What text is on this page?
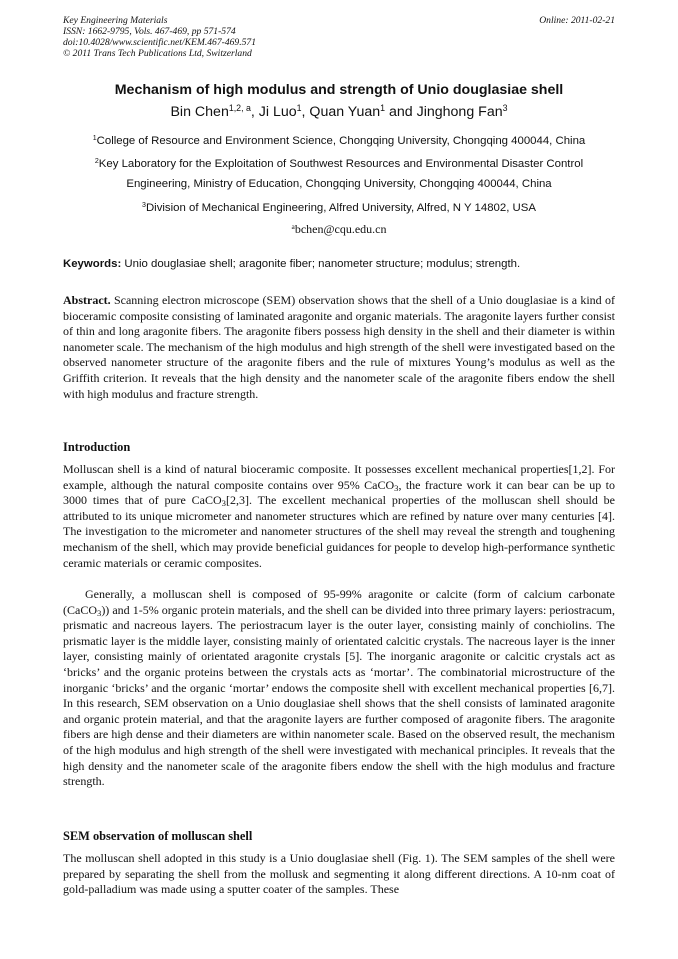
Key Engineering Materials
ISSN: 1662-9795, Vols. 467-469, pp 571-574
doi:10.4028/www.scientific.net/KEM.467-469.571
© 2011 Trans Tech Publications Ltd, Switzerland
Online: 2011-02-21
Mechanism of high modulus and strength of Unio douglasiae shell
Bin Chen$^{1,2, a}$, Ji Luo$^1$, Quan Yuan$^1$ and Jinghong Fan$^3$
$^1$College of Resource and Environment Science, Chongqing University, Chongqing 400044, China
$^2$Key Laboratory for the Exploitation of Southwest Resources and Environmental Disaster Control
Engineering, Ministry of Education, Chongqing University, Chongqing 400044, China
$^3$Division of Mechanical Engineering, Alfred University, Alfred, N Y 14802, USA
$^a$bchen@cqu.edu.cn
Keywords: Unio douglasiae shell; aragonite fiber; nanometer structure; modulus; strength.
Abstract. Scanning electron microscope (SEM) observation shows that the shell of a Unio douglasiae is a kind of bioceramic composite consisting of laminated aragonite and organic materials. The aragonite layers further consist of thin and long aragonite fibers. The aragonite fibers possess high density in the shell and their diameter is within nanometer scale. The mechanism of the high modulus and high strength of the shell were investigated based on the observed nanometer structure of the aragonite fibers and the rule of mixtures Young’s modulus as well as the Griffith criterion. It reveals that the high density and the nanometer scale of the aragonite fibers endow the shell with high modulus and fracture strength.
Introduction
Molluscan shell is a kind of natural bioceramic composite. It possesses excellent mechanical properties[1,2]. For example, although the natural composite contains over 95% CaCO$_3$, the fracture work it can bear can be up to 3000 times that of pure CaCO$_3$[2,3]. The excellent mechanical properties of the molluscan shell should be attributed to its unique micrometer and nanometer structures which are refined by nature over many centuries [4]. The investigation to the micrometer and nanometer structures of the shell may reveal the strength and toughening mechanism of the shell, which may provide beneficial guidances for people to develop high-performance synthetic ceramic materials or ceramic composites.
Generally, a molluscan shell is composed of 95-99% aragonite or calcite (form of calcium carbonate (CaCO$_3$)) and 1-5% organic protein materials, and the shell can be divided into three primary layers: periostracum, prismatic and nacreous layers. The periostracum layer is the outer layer, consisting mainly of conchiolins. The prismatic layer is the middle layer, consisting mainly of orientated calcitic crystals. The nacreous layer is the inner layer, consisting mainly of orientated aragonite crystals [5]. The inorganic aragonite or calcitic crystals act as ‘bricks’ and the organic proteins between the crystals acts as ‘mortar’. The combinatorial microstructure of the inorganic ‘bricks’ and the organic ‘mortar’ endows the composite shell with excellent mechanical properties [6,7]. In this research, SEM observation on a Unio douglasiae shell shows that the shell consists of laminated aragonite and organic protein material, and that the aragonite layers are further composed of aragonite fibers. The aragonite fibers are high dense and their diameters are within nanometer scale. Based on the observed result, the mechanism of the high modulus and high strength of the shell were investigated with mechanical principles. It reveals that the high density and the nanometer scale of the aragonite fibers endow the shell with the high modulus and fracture strength.
SEM observation of molluscan shell
The molluscan shell adopted in this study is a Unio douglasiae shell (Fig. 1). The SEM samples of the shell were prepared by separating the shell from the mollusk and segmenting it along different directions. A 10-nm coat of gold-palladium was made using a sputter coater of the samples. These
